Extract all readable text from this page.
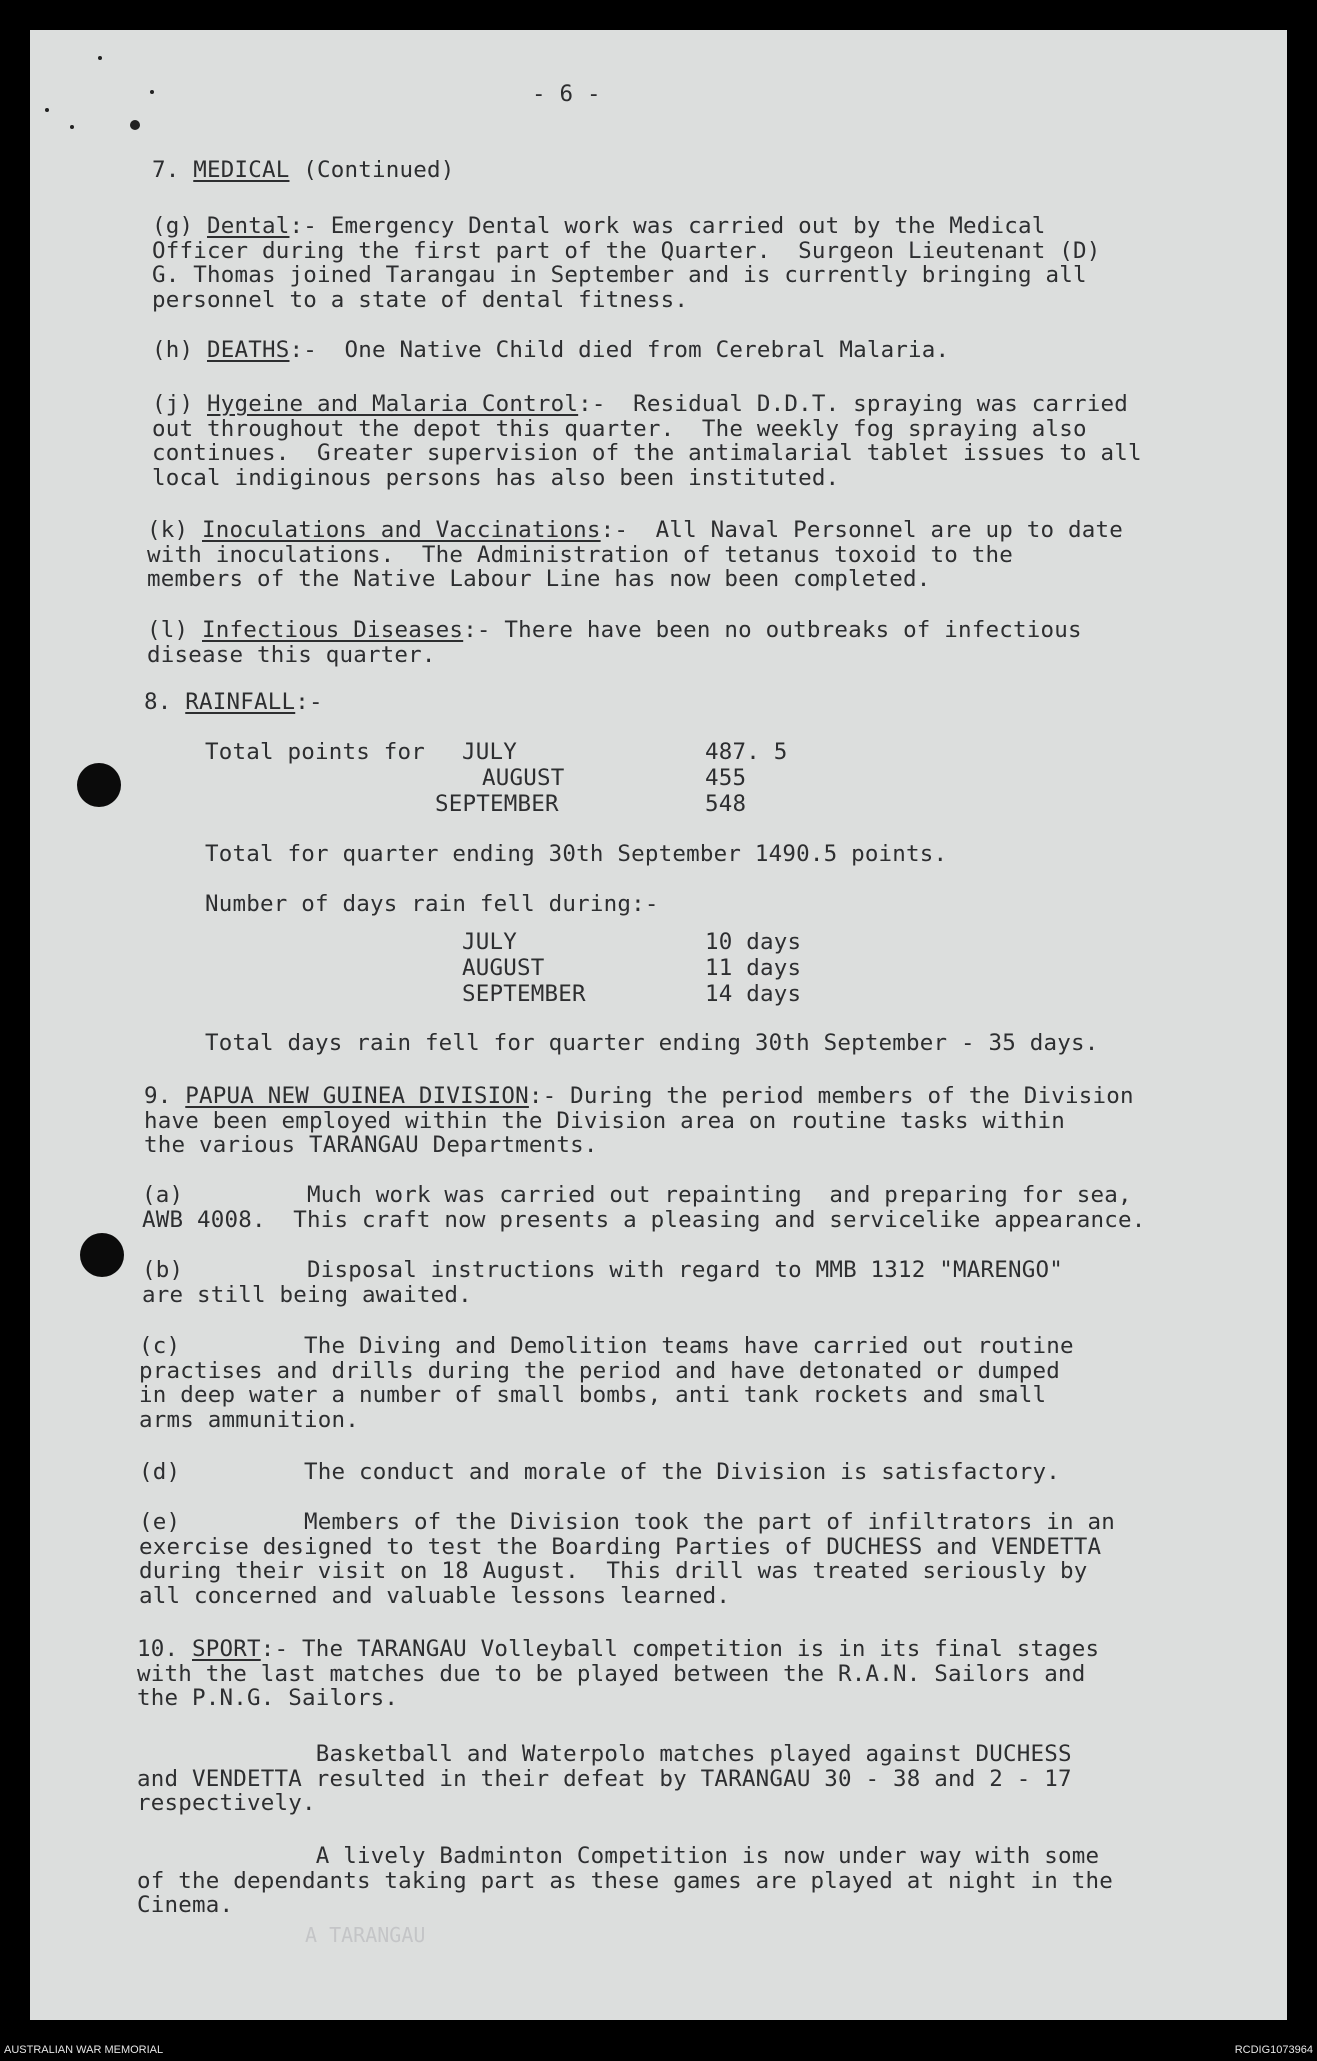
- 6 -
7. MEDICAL (Continued)
(g) Dental:- Emergency Dental work was carried out by the Medical
Officer during the first part of the Quarter.  Surgeon Lieutenant (D)
G. Thomas joined Tarangau in September and is currently bringing all
personnel to a state of dental fitness.
(h) DEATHS:-  One Native Child died from Cerebral Malaria.
(j) Hygeine and Malaria Control:-  Residual D.D.T. spraying was carried
out throughout the depot this quarter.  The weekly fog spraying also
continues.  Greater supervision of the antimalarial tablet issues to all
local indiginous persons has also been instituted.
(k) Inoculations and Vaccinations:-  All Naval Personnel are up to date
with inoculations.  The Administration of tetanus toxoid to the
members of the Native Labour Line has now been completed.
(l) Infectious Diseases:- There have been no outbreaks of infectious
disease this quarter.
8. RAINFALL:-
Total points for JULY	487. 5
AUGUST	455
SEPTEMBER	548
Total for quarter ending 30th September 1490.5 points.
Number of days rain fell during:-
JULY	10 days
AUGUST	11 days
SEPTEMBER	14 days
Total days rain fell for quarter ending 30th September - 35 days.
9. PAPUA NEW GUINEA DIVISION:- During the period members of the Division
have been employed within the Division area on routine tasks within
the various TARANGAU Departments.
(a)	Much work was carried out repainting  and preparing for sea,
AWB 4008.  This craft now presents a pleasing and servicelike appearance.
(b)	Disposal instructions with regard to MMB 1312 "MARENGO"
are still being awaited.
(c)	The Diving and Demolition teams have carried out routine
practises and drills during the period and have detonated or dumped
in deep water a number of small bombs, anti tank rockets and small
arms ammunition.
(d)	The conduct and morale of the Division is satisfactory.
(e)	Members of the Division took the part of infiltrators in an
exercise designed to test the Boarding Parties of DUCHESS and VENDETTA
during their visit on 18 August.  This drill was treated seriously by
all concerned and valuable lessons learned.
10. SPORT:- The TARANGAU Volleyball competition is in its final stages
with the last matches due to be played between the R.A.N. Sailors and
the P.N.G. Sailors.
Basketball and Waterpolo matches played against DUCHESS
and VENDETTA resulted in their defeat by TARANGAU 30 - 38 and 2 - 17
respectively.
A lively Badminton Competition is now under way with some
of the dependants taking part as these games are played at night in the
Cinema.
A TARANGAU
AUSTRALIAN WAR MEMORIAL	RCDIG1073964
